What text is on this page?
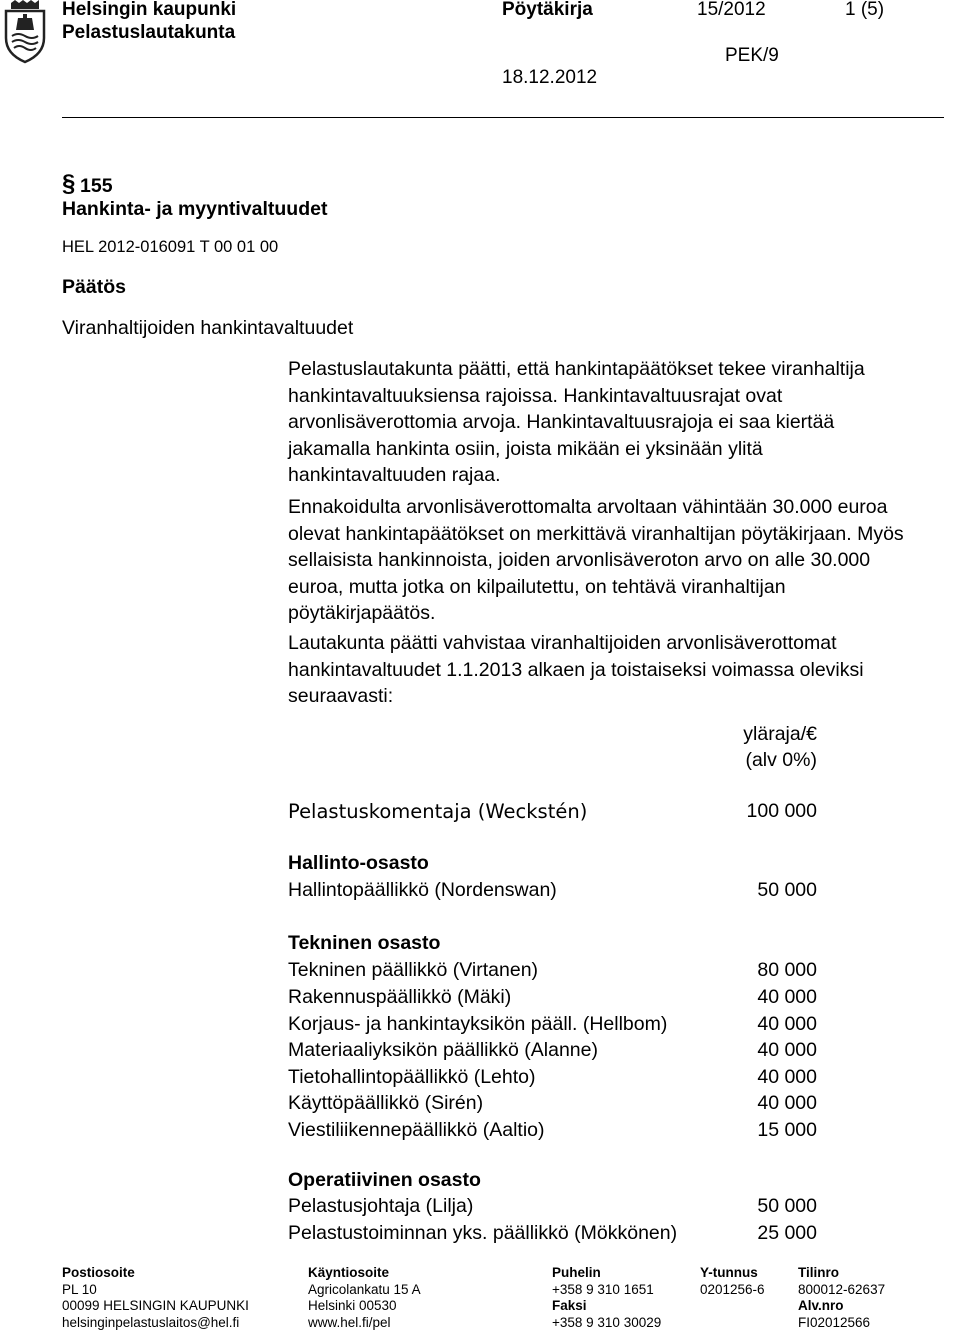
Helsingin kaupunki
Pelastuslautakunta
Pöytäkirja	15/2012	1 (5)
PEK/9
18.12.2012
§ 155
Hankinta- ja myyntivaltuudet
HEL 2012-016091 T 00 01 00
Päätös
Viranhaltijoiden hankintavaltuudet
Pelastuslautakunta päätti, että hankintapäätökset tekee viranhaltija
hankintavaltuuksiensa rajoissa. Hankintavaltuusrajat ovat
arvonlisäverottomia arvoja. Hankintavaltuusrajoja ei saa kiertää
jakamalla hankinta osiin, joista mikään ei yksinään ylitä
hankintavaltuuden rajaa.
Ennakoidulta arvonlisäverottomalta arvoltaan vähintään 30.000 euroa
olevat hankintapäätökset on merkittävä viranhaltijan pöytäkirjaan. Myös
sellaisista hankinnoista, joiden arvonlisäveroton arvo on alle 30.000
euroa, mutta jotka on kilpailutettu, on tehtävä viranhaltijan
pöytäkirjapäätös.
Lautakunta päätti vahvistaa viranhaltijoiden arvonlisäverottomat
hankintavaltuudet 1.1.2013 alkaen ja toistaiseksi voimassa oleviksi
seuraavasti:
yläraja/€
(alv 0%)
Pelastuskomentaja (Weckstén)	100 000
Hallinto-osasto
Hallintopäällikkö (Nordenswan)	50 000
Tekninen osasto
Tekninen päällikkö (Virtanen)	80 000
Rakennuspäällikkö (Mäki)	40 000
Korjaus- ja hankintayksikön pääll. (Hellbom)	40 000
Materiaaliyksikön päällikkö (Alanne)	40 000
Tietohallintopäällikkö (Lehto)	40 000
Käyttöpäällikkö (Sirén)	40 000
Viestiliikennepäällikkö (Aaltio)	15 000
Operatiivinen osasto
Pelastusjohtaja (Lilja)	50 000
Pelastustoiminnan yks. päällikkö (Mökkönen)	25 000
Postiosoite
PL 10
00099 HELSINGIN KAUPUNKI
helsinginpelastuslaitos@hel.fi
Käyntiosoite
Agricolankatu 15 A
Helsinki 00530
www.hel.fi/pel
Puhelin
+358 9 310 1651
Faksi
+358 9 310 30029
Y-tunnus
0201256-6
Tilinro
800012-62637
Alv.nro
FI02012566
